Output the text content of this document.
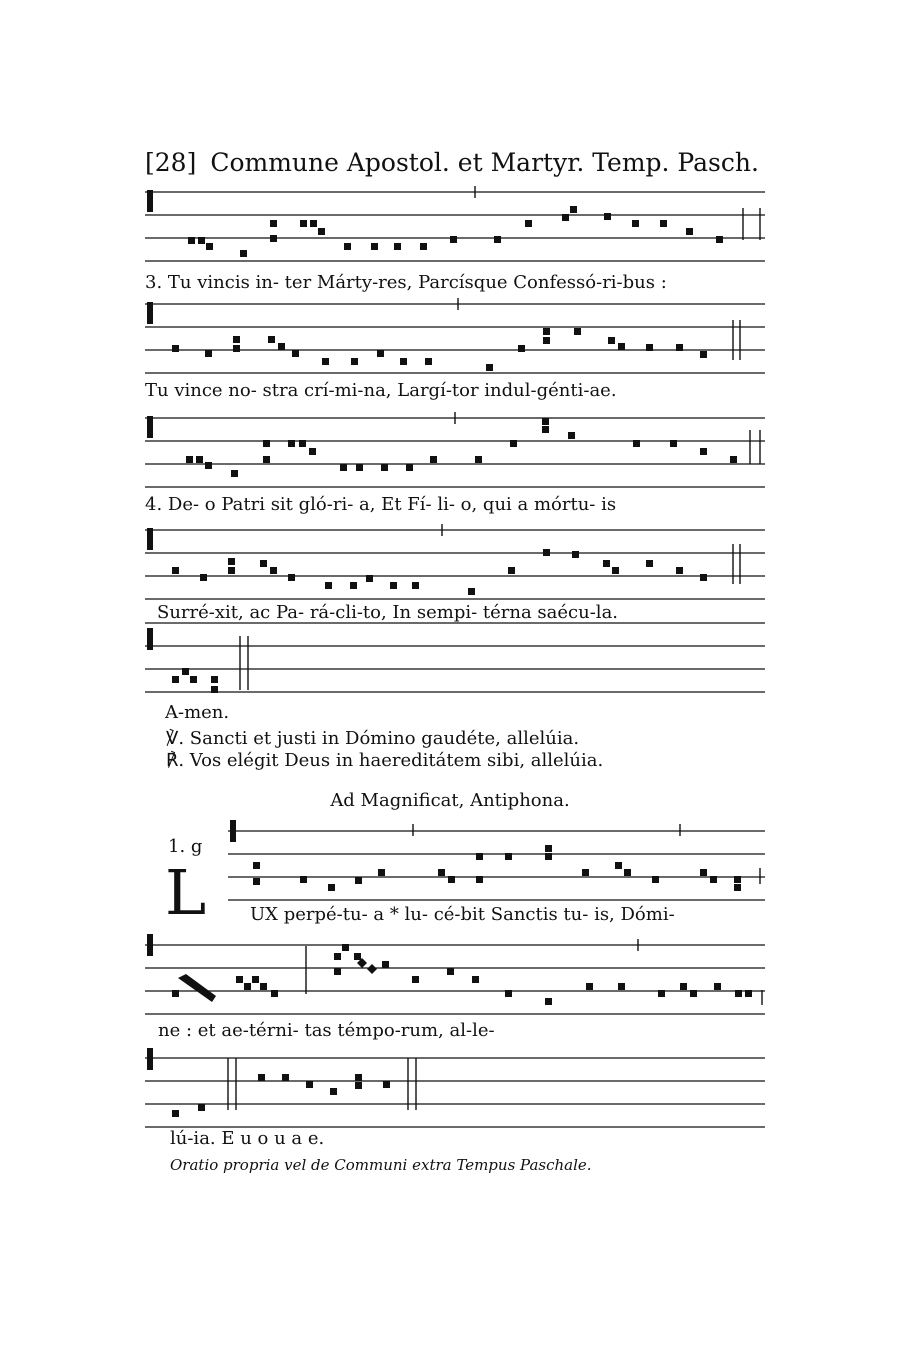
[28] Commune Apostol. et Martyr. Temp. Pasch.
3. Tu vincis in- ter Márty-res, Parcísque Confessó-ri-bus :
Tu vince no- stra crí-mi-na, Largí-tor indul-génti-ae.
4. De- o Patri sit gló-ri- a, Et Fí- li- o, qui a mórtu- is
Surré-xit, ac Pa- rá-cli-to, In sempi- térna saécu-la.
A-men.
℣. Sancti et justi in Dómino gaudéte, allelúia.
℟. Vos elégit Deus in haereditátem sibi, allelúia.
Ad Magnificat, Antiphona.
1. g
L UX perpé-tu- a * lu- cé-bit Sanctis tu- is, Dómi-
ne : et ae-térni- tas témpo-rum, al-le-
lú-ia. E u o u a e.
Oratio propria vel de Communi extra Tempus Paschale.
